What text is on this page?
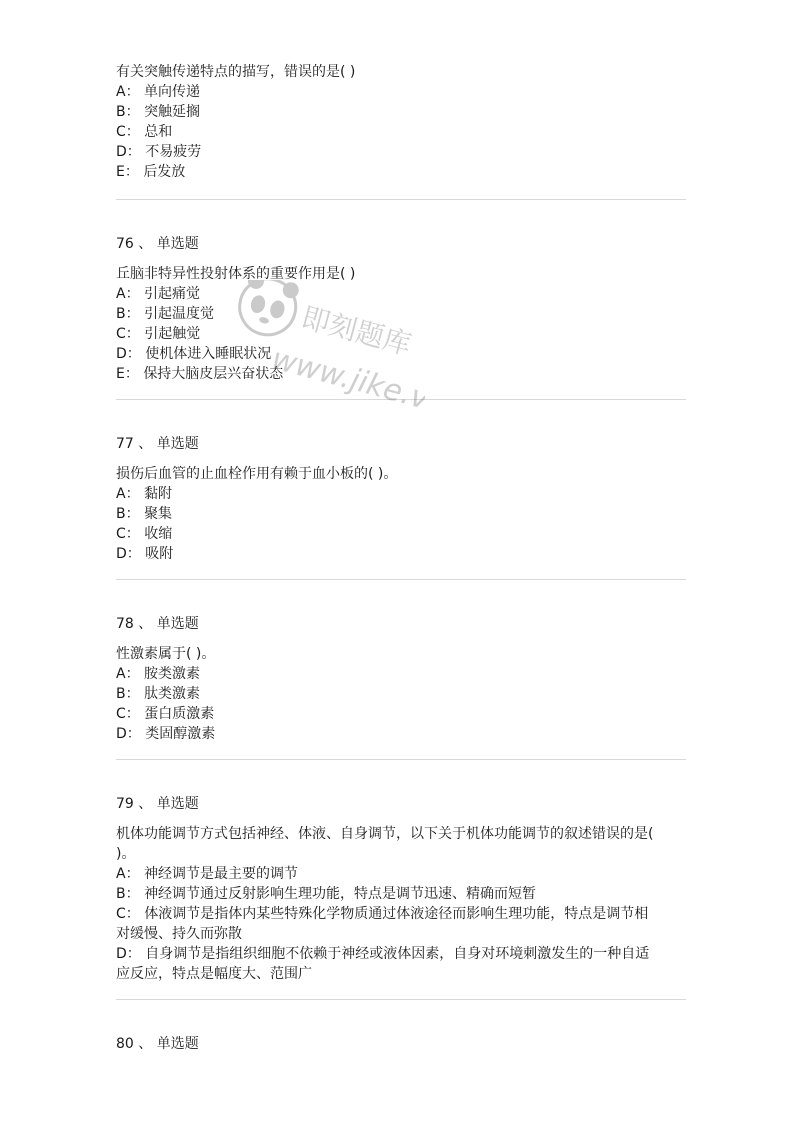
有关突触传递特点的描写，错误的是( )

A： 单向传递

B： 突触延搁

C： 总和

D： 不易疲劳

E： 后发放

76 、 单选题

丘脑非特异性投射体系的重要作用是( )

A： 引起痛觉

B： 引起温度觉

C： 引起触觉

D： 使机体进入睡眠状况

E： 保持大脑皮层兴奋状态

77 、 单选题

损伤后血管的止血栓作用有赖于血小板的( )。

A： 黏附

B： 聚集

C： 收缩

D： 吸附

78 、 单选题

性激素属于( )。

A： 胺类激素

B： 肽类激素

C： 蛋白质激素

D： 类固醇激素

79 、 单选题

机体功能调节方式包括神经、体液、自身调节，以下关于机体功能调节的叙述错误的是(

)。

A： 神经调节是最主要的调节

B： 神经调节通过反射影响生理功能，特点是调节迅速、精确而短暂

C： 体液调节是指体内某些特殊化学物质通过体液途径而影响生理功能，特点是调节相

对缓慢、持久而弥散

D： 自身调节是指组织细胞不依赖于神经或液体因素，自身对环境刺激发生的一种自适

应反应，特点是幅度大、范围广

80 、 单选题

即刻题库
www.jike.vip
